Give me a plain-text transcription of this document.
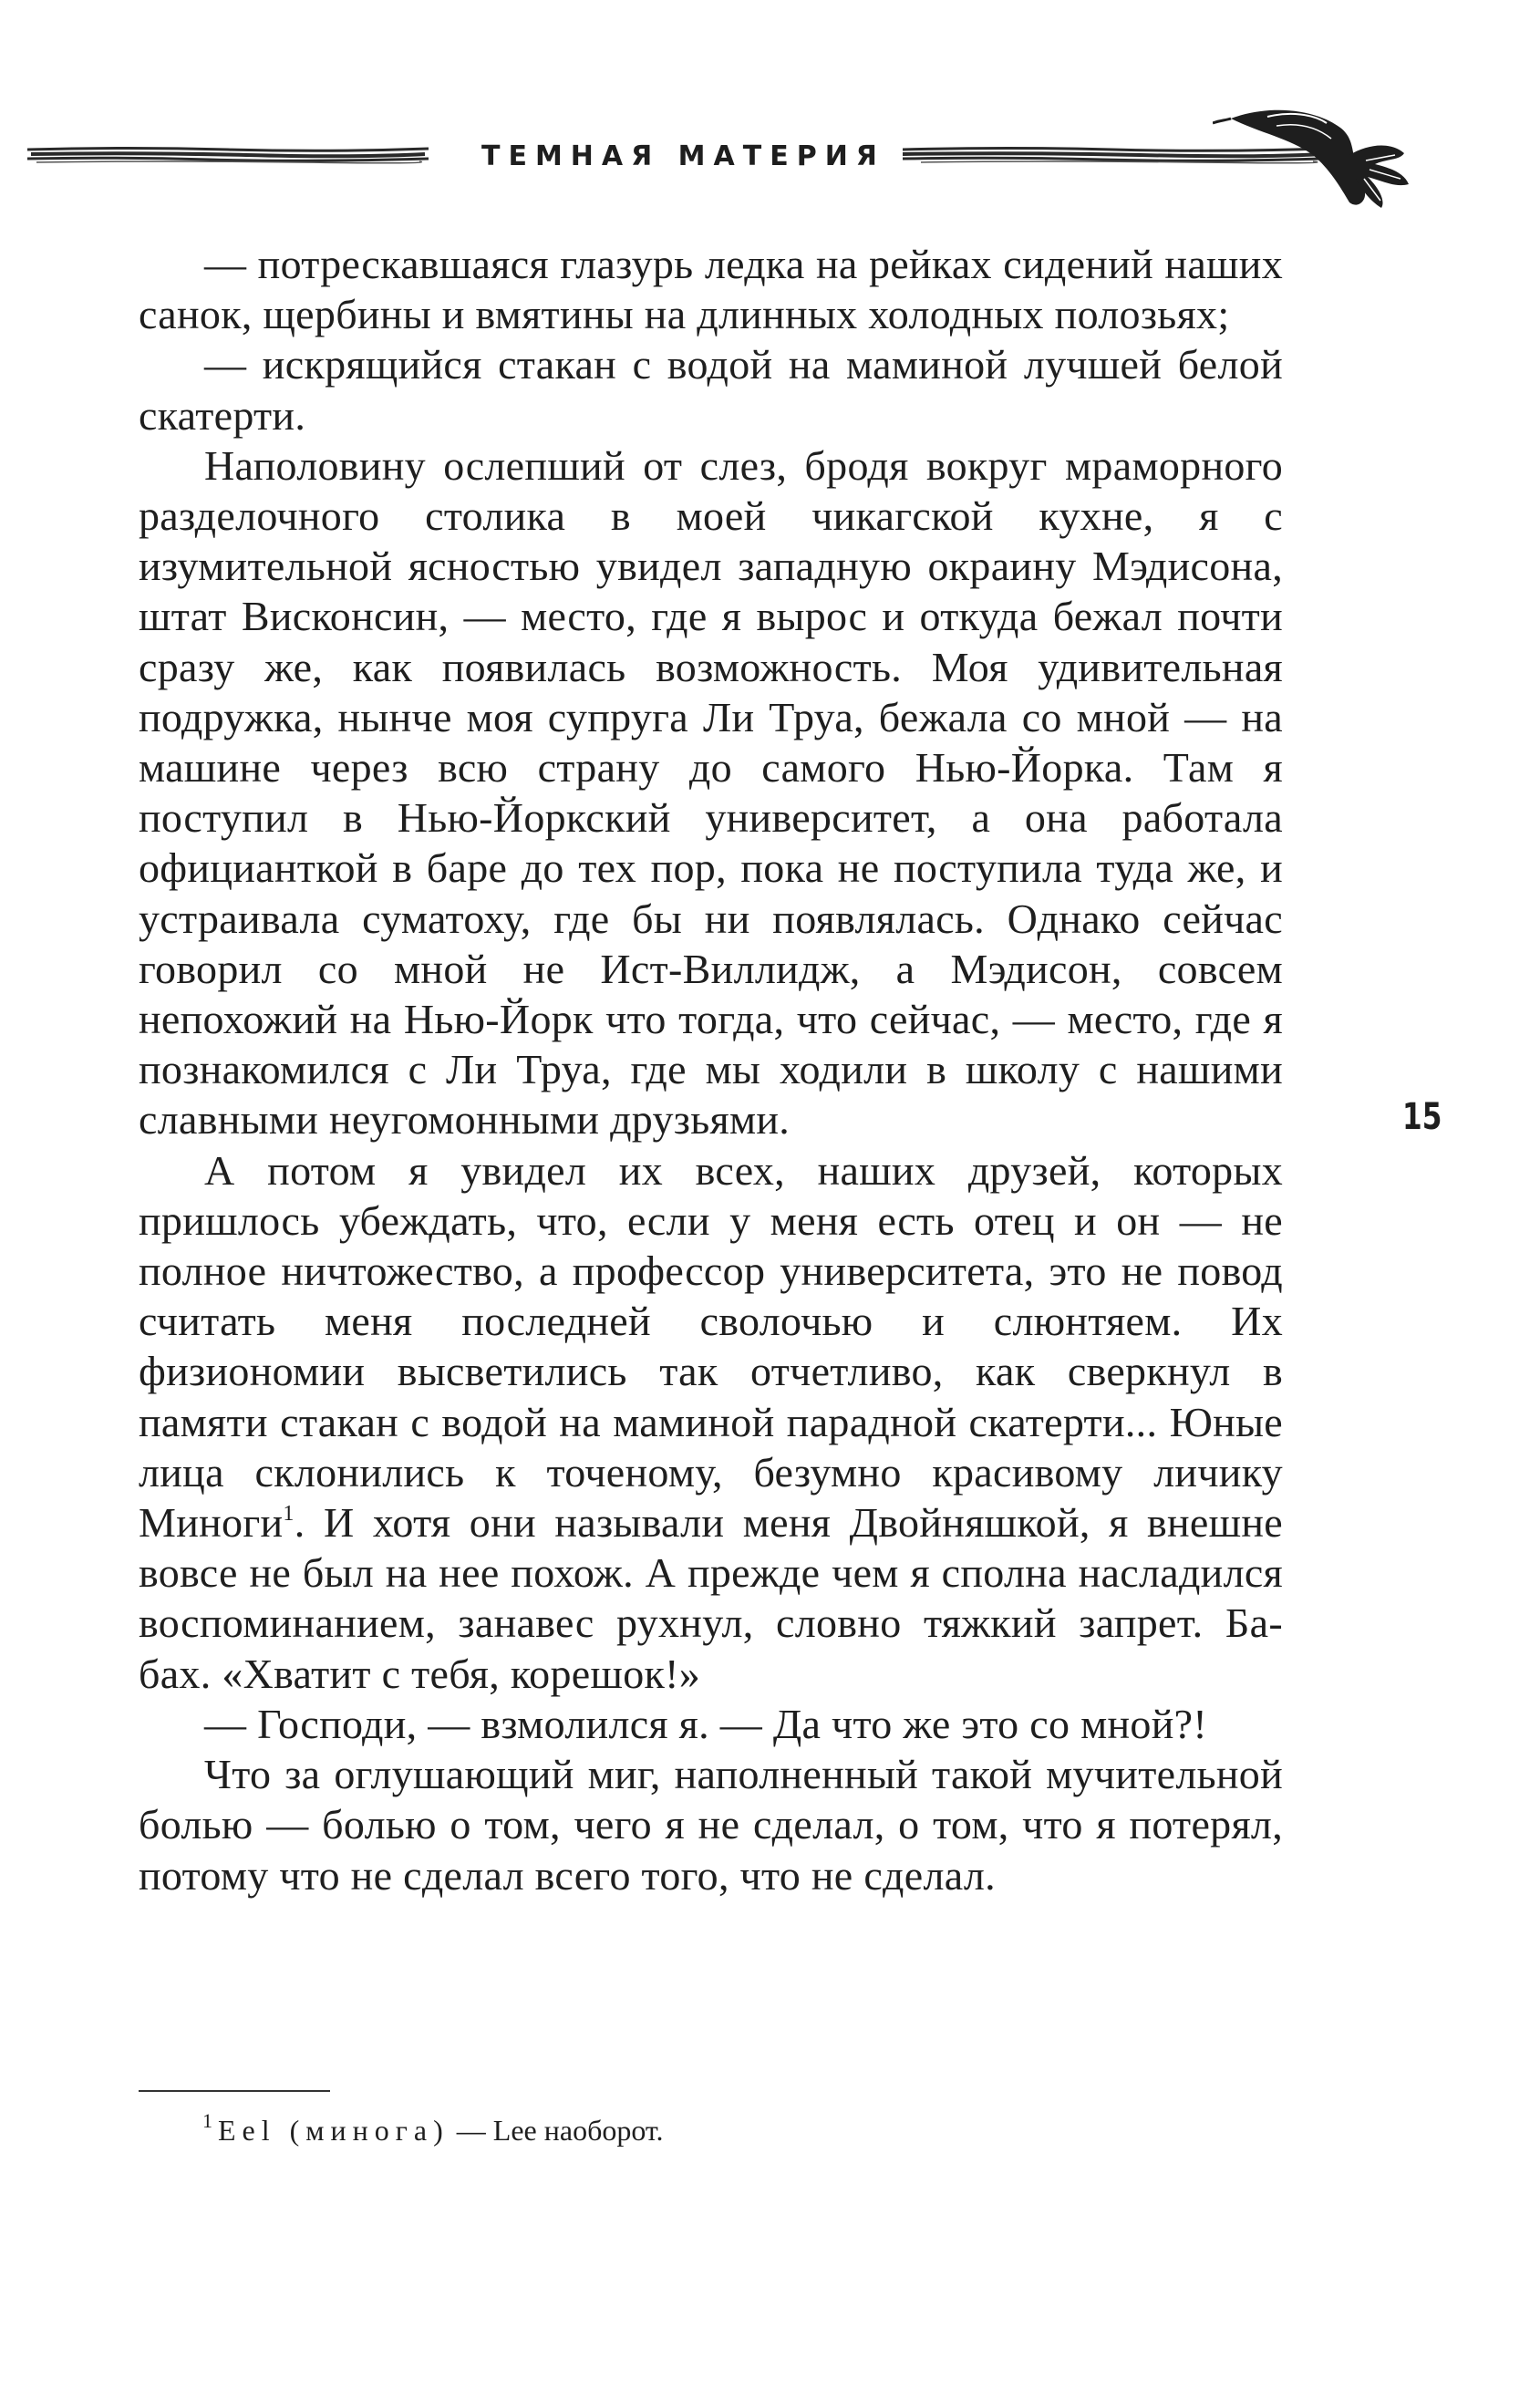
ТЕМНАЯ МАТЕРИЯ

— потрескавшаяся глазурь ледка на рейках сидений наших санок, щербины и вмятины на длинных холодных полозьях;

— искрящийся стакан с водой на маминой лучшей белой скатерти.

Наполовину ослепший от слез, бродя вокруг мраморного разделочного столика в моей чикагской кухне, я с изумительной ясностью увидел западную окраину Мэдисона, штат Висконсин, — место, где я вырос и откуда бежал почти сразу же, как появилась возможность. Моя удивительная подружка, нынче моя супруга Ли Труа, бежала со мной — на машине через всю страну до самого Нью-Йорка. Там я поступил в Нью-Йоркский университет, а она работала официанткой в баре до тех пор, пока не поступила туда же, и устраивала суматоху, где бы ни появлялась. Однако сейчас говорил со мной не Ист-Виллидж, а Мэдисон, совсем непохожий на Нью-Йорк что тогда, что сейчас, — место, где я познакомился с Ли Труа, где мы ходили в школу с нашими славными неугомонными друзьями.

А потом я увидел их всех, наших друзей, которых пришлось убеждать, что, если у меня есть отец и он — не полное ничтожество, а профессор университета, это не повод считать меня последней сволочью и слюнтяем. Их физиономии высветились так отчетливо, как сверкнул в памяти стакан с водой на маминой парадной скатерти... Юные лица склонились к точеному, безумно красивому личику Миноги$^1$. И хотя они называли меня Двойняшкой, я внешне вовсе не был на нее похож. А прежде чем я сполна насладился воспоминанием, занавес рухнул, словно тяжкий запрет. Ба-бах. «Хватит с тебя, корешок!»

— Господи, — взмолился я. — Да что же это со мной?!

Что за оглушающий миг, наполненный такой мучительной болью — болью о том, чего я не сделал, о том, что я потерял, потому что не сделал всего того, что не сделал.

15
$^1$ Eel (минога) — Lee наоборот.
